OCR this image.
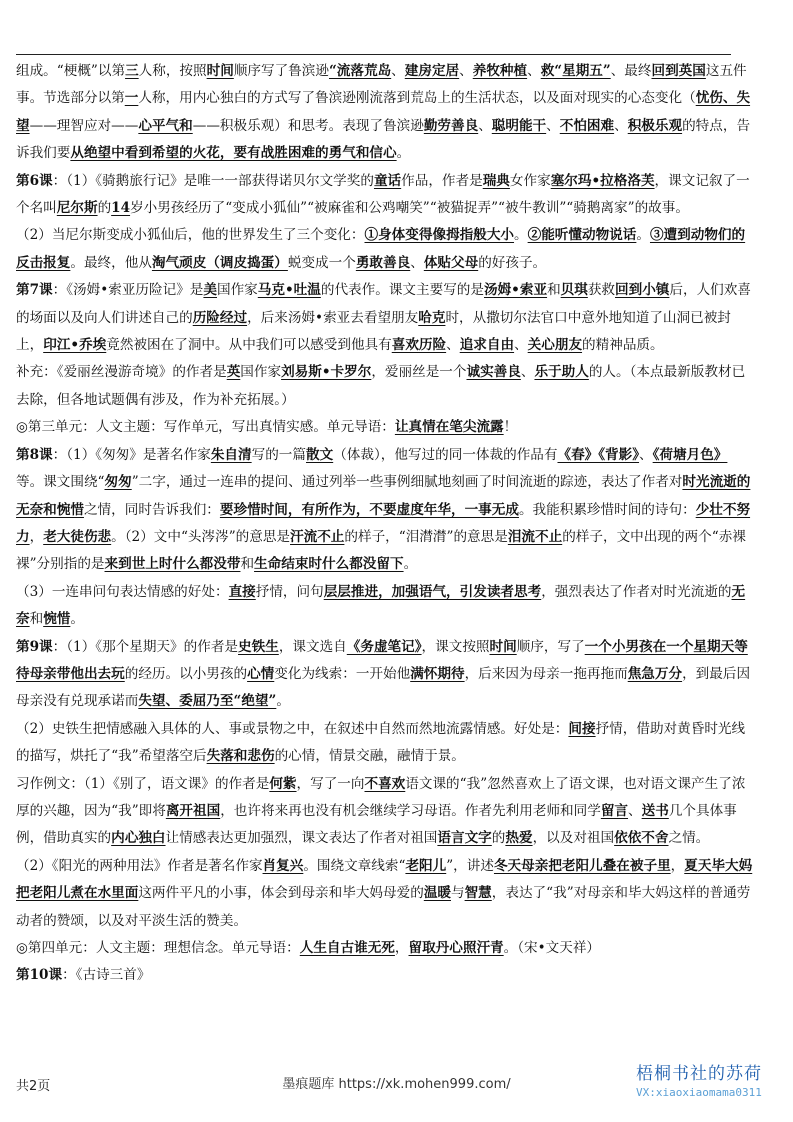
组成。“梗概”以第三人称，按照时间顺序写了鲁滨逊“流落荒岛、建房定居、养牧种植、救“星期五”、最终回到英国这五件事。节选部分以第一人称，用内心独白的方式写了鲁滨逊刚流落到荒岛上的生活状态，以及面对现实的心态变化（忧伤、失望——理智应对——心平气和——积极乐观）和思考。表现了鲁滨逊勤劳善良、聪明能干、不怕困难、积极乐观的特点，告诉我们要从绝望中看到希望的火花，要有战胜困难的勇气和信心。

第6课：（1）《骑鹅旅行记》是唯一一部获得诺贝尔文学奖的童话作品，作者是瑞典女作家塞尔玛•拉格洛芙，课文记叙了一个名叫尼尔斯的14岁小男孩经历了“变成小狐仙”“被麻雀和公鸡嘲笑”“被猫捉弄”“被牛教训”“骑鹅离家”的故事。

（2）当尼尔斯变成小狐仙后，他的世界发生了三个变化：①身体变得像拇指般大小。②能听懂动物说话。③遭到动物们的反击报复。最终，他从淘气顽皮（调皮捣蛋）蜕变成一个勇敢善良、体贴父母的好孩子。

第7课：《汤姆•索亚历险记》是美国作家马克•吐温的代表作。课文主要写的是汤姆•索亚和贝琪获救回到小镇后，人们欢喜的场面以及向人们讲述自己的历险经过，后来汤姆•索亚去看望朋友哈克时，从撒切尔法官口中意外地知道了山洞已被封上，印江•乔埃竟然被困在了洞中。从中我们可以感受到他具有喜欢历险、追求自由、关心朋友的精神品质。

补充：《爱丽丝漫游奇境》的作者是英国作家刘易斯•卡罗尔，爱丽丝是一个诚实善良、乐于助人的人。（本点最新版教材已去除，但各地试题偶有涉及，作为补充拓展。）

◎第三单元：人文主题：写作单元，写出真情实感。单元导语：让真情在笔尖流露！

第8课：（1）《匆匆》是著名作家朱自清写的一篇散文（体裁），他写过的同一体裁的作品有《春》《背影》、《荷塘月色》等。课文围绕“匆匆”二字，通过一连串的提问、通过列举一些事例细腻地刻画了时间流逝的踪迹，表达了作者对时光流逝的无奈和惋惜之情，同时告诉我们：要珍惜时间，有所作为，不要虚度年华，一事无成。我能积累珍惜时间的诗句：少壮不努力，老大徒伤悲。（2）文中“头涔涔”的意思是汗流不止的样子，“泪潸潸”的意思是泪流不止的样子，文中出现的两个“赤裸裸”分别指的是来到世上时什么都没带和生命结束时什么都没留下。

（3）一连串问句表达情感的好处：直接抒情，问句层层推进，加强语气，引发读者思考，强烈表达了作者对时光流逝的无奈和惋惜。

第9课：（1）《那个星期天》的作者是史铁生，课文选自《务虚笔记》，课文按照时间顺序，写了一个小男孩在一个星期天等待母亲带他出去玩的经历。以小男孩的心情变化为线索：一开始他满怀期待，后来因为母亲一拖再拖而焦急万分，到最后因母亲没有兑现承诺而失望、委屈乃至“绝望”。

（2）史铁生把情感融入具体的人、事或景物之中，在叙述中自然而然地流露情感。好处是：间接抒情，借助对黄昏时光线的描写，烘托了“我”希望落空后失落和悲伤的心情，情景交融，融情于景。

习作例文：（1）《别了，语文课》的作者是何紫，写了一向不喜欢语文课的“我”忽然喜欢上了语文课，也对语文课产生了浓厚的兴趣，因为“我”即将离开祖国，也许将来再也没有机会继续学习母语。作者先利用老师和同学留言、送书几个具体事例，借助真实的内心独白让情感表达更加强烈，课文表达了作者对祖国语言文字的热爱，以及对祖国依依不舍之情。

（2）《阳光的两种用法》作者是著名作家肖复兴。围绕文章线索“老阳儿”，讲述冬天母亲把老阳儿叠在被子里，夏天毕大妈把老阳儿煮在水里面这两件平凡的小事，体会到母亲和毕大妈母爱的温暖与智慧，表达了“我”对母亲和毕大妈这样的普通劳动者的赞颂，以及对平淡生活的赞美。

◎第四单元：人文主题：理想信念。单元导语：人生自古谁无死，留取丹心照汗青。（宋•文天祥）

第10课：《古诗三首》

共2页	墨痕题库 https://xk.mohen999.com/
梧桐书社的苏荷
VX:xiaoxiaomama0311
